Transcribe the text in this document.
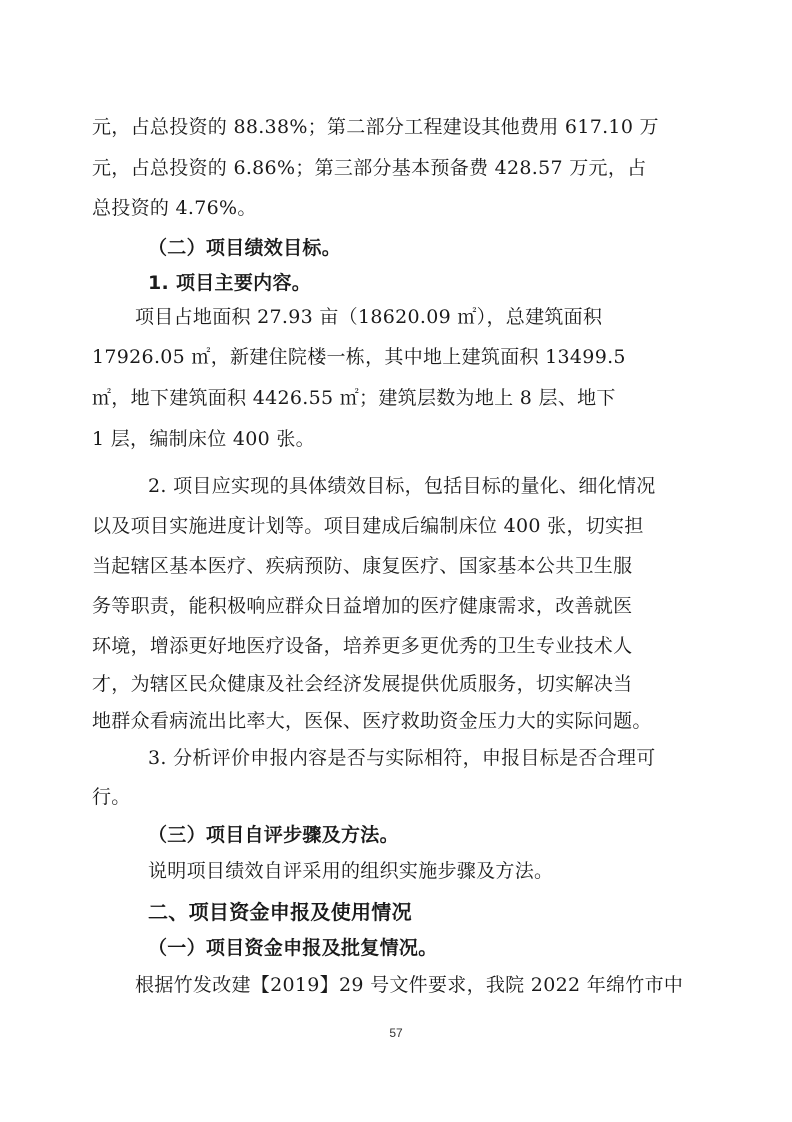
元，占总投资的 88.38%；第二部分工程建设其他费用 617.10 万
元，占总投资的 6.86%；第三部分基本预备费 428.57 万元，占
总投资的 4.76%。
（二）项目绩效目标。
1. 项目主要内容。
项目占地面积 27.93 亩（18620.09 ㎡），总建筑面积
17926.05 ㎡，新建住院楼一栋，其中地上建筑面积 13499.5
㎡，地下建筑面积 4426.55 ㎡；建筑层数为地上 8 层、地下
1 层，编制床位 400 张。
2. 项目应实现的具体绩效目标，包括目标的量化、细化情况
以及项目实施进度计划等。项目建成后编制床位 400 张，切实担
当起辖区基本医疗、疾病预防、康复医疗、国家基本公共卫生服
务等职责，能积极响应群众日益增加的医疗健康需求，改善就医
环境，增添更好地医疗设备，培养更多更优秀的卫生专业技术人
才，为辖区民众健康及社会经济发展提供优质服务，切实解决当
地群众看病流出比率大，医保、医疗救助资金压力大的实际问题。
3. 分析评价申报内容是否与实际相符，申报目标是否合理可
行。
（三）项目自评步骤及方法。
说明项目绩效自评采用的组织实施步骤及方法。
二、项目资金申报及使用情况
（一）项目资金申报及批复情况。
根据竹发改建【2019】29 号文件要求，我院 2022 年绵竹市中
57
